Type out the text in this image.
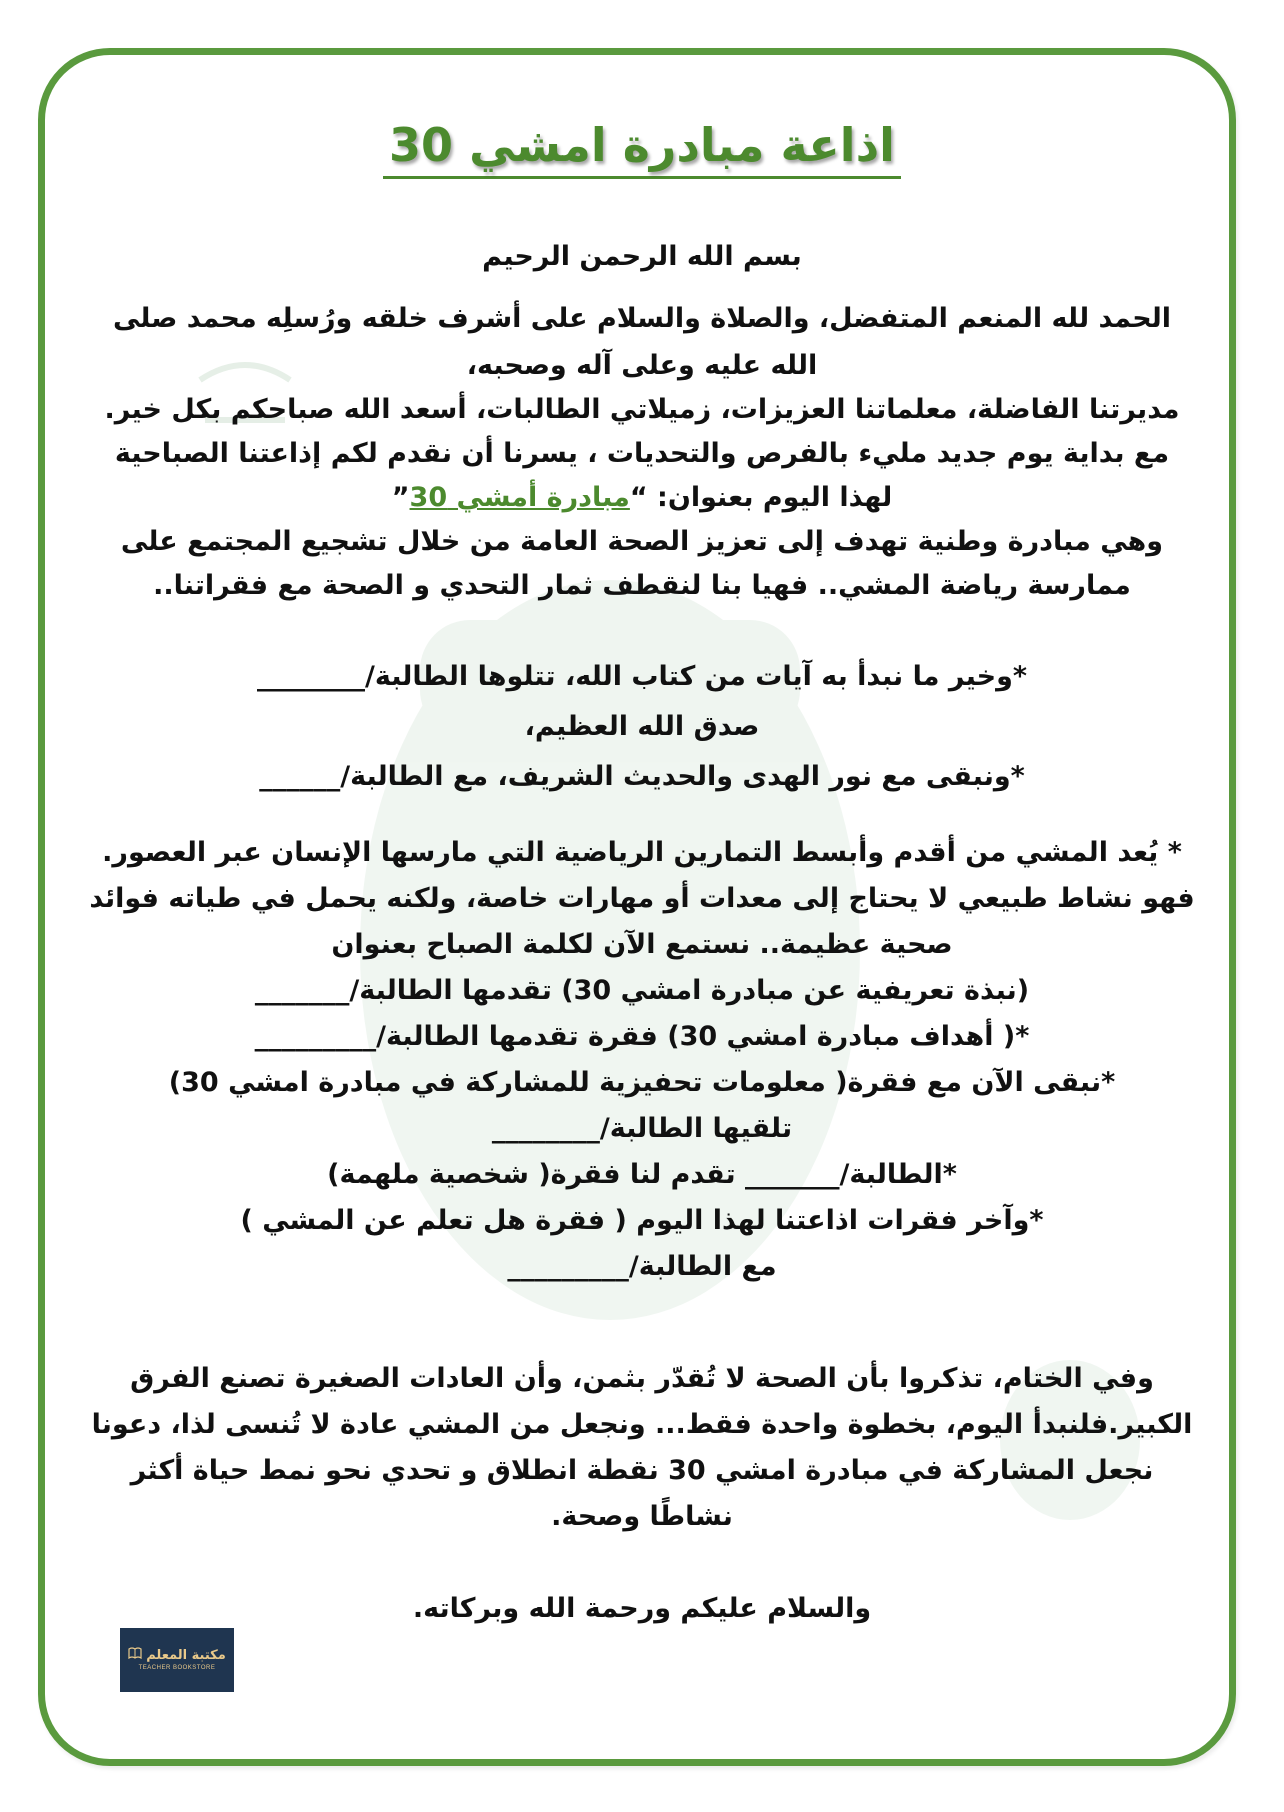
اذاعة مبادرة امشي 30

بسم الله الرحمن الرحيم

الحمد لله المنعم المتفضل، والصلاة والسلام على أشرف خلقه ورُسلِه محمد صلى

الله عليه وعلى آله وصحبه،

مديرتنا الفاضلة، معلماتنا العزيزات، زميلاتي الطالبات، أسعد الله صباحكم بكل خير.

مع بداية يوم جديد مليء بالفرص والتحديات ، يسرنا أن نقدم لكم إذاعتنا الصباحية

لهذا اليوم بعنوان: “مبادرة أمشي 30”

وهي مبادرة وطنية تهدف إلى تعزيز الصحة العامة من خلال تشجيع المجتمع على

ممارسة رياضة المشي.. فهيا بنا لنقطف ثمار التحدي و الصحة مع فقراتنا..

*وخير ما نبدأ به آيات من كتاب الله، تتلوها الطالبة/________

صدق الله العظيم،

*ونبقى مع نور الهدى والحديث الشريف، مع الطالبة/______

* يُعد المشي من أقدم وأبسط التمارين الرياضية التي مارسها الإنسان عبر العصور.

فهو نشاط طبيعي لا يحتاج إلى معدات أو مهارات خاصة، ولكنه يحمل في طياته فوائد

صحية عظيمة.. نستمع الآن لكلمة الصباح بعنوان

(نبذة تعريفية عن مبادرة امشي 30) تقدمها الطالبة/_______

*( أهداف مبادرة امشي 30) فقرة تقدمها الطالبة/_________

*نبقى الآن مع فقرة( معلومات تحفيزية للمشاركة في مبادرة امشي 30)

تلقيها الطالبة/________

*الطالبة/_______ تقدم لنا فقرة( شخصية ملهمة)

*وآخر فقرات اذاعتنا لهذا اليوم ( فقرة هل تعلم عن المشي )

مع الطالبة/_________

وفي الختام، تذكروا بأن الصحة لا تُقدّر بثمن، وأن العادات الصغيرة تصنع الفرق

الكبير.فلنبدأ اليوم، بخطوة واحدة فقط... ونجعل من المشي عادة لا تُنسى لذا، دعونا

نجعل المشاركة في مبادرة امشي 30 نقطة انطلاق و تحدي نحو نمط حياة أكثر

نشاطًا وصحة.

والسلام عليكم ورحمة الله وبركاته.

مكتبة المعلم
TEACHER BOOKSTORE
